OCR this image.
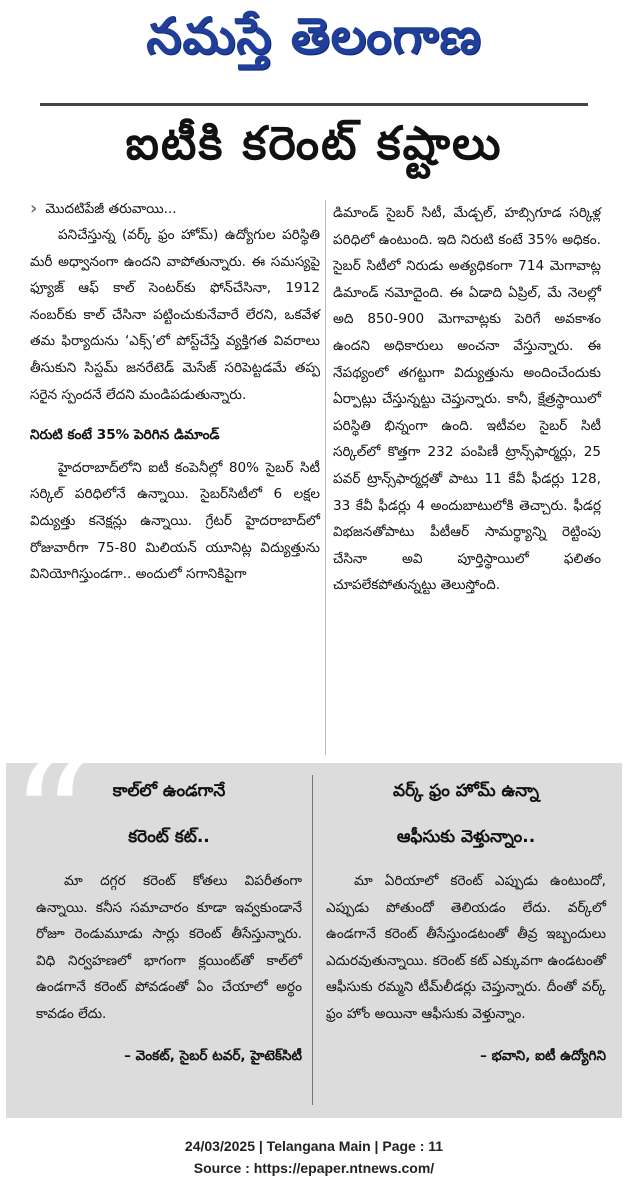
నమస్తే తెలంగాణ
ఐటీకి కరెంట్ కష్టాలు
› మొదటిపేజీ తరువాయి...

పనిచేస్తున్న (వర్క్ ఫ్రం హోమ్) ఉద్యోగుల పరిస్థితి మరీ అధ్వానంగా ఉందని వాపోతున్నారు. ఈ సమస్యపై ఫ్యూజ్ ఆఫ్ కాల్ సెంటర్‌కు ఫోన్‌చేసినా, 1912 నంబర్‌కు కాల్ చేసినా పట్టించుకునేవారే లేరని, ఒకవేళ తమ ఫిర్యాదును ‘ఎక్స్’లో పోస్ట్‌చేస్తే వ్యక్తిగత వివరాలు తీసుకుని సిస్టమ్ జనరేటెడ్ మెసేజ్ సరిపెట్టడమే తప్ప సరైన స్పందనే లేదని మండిపడుతున్నారు.

నిరుటి కంటే 35% పెరిగిన డిమాండ్

హైదరాబాద్‌లోని ఐటీ కంపెనీల్లో 80% సైబర్ సిటీ సర్కిల్ పరిధిలోనే ఉన్నాయి. సైబర్‌సిటీలో 6 లక్షల విద్యుత్తు కనెక్షన్లు ఉన్నాయి. గ్రేటర్ హైదరాబాద్‌లో రోజువారీగా 75-80 మిలియన్ యూనిట్ల విద్యుత్తును వినియోగిస్తుండగా.. అందులో సగానికిపైగా

డిమాండ్ సైబర్ సిటీ, మేడ్చల్, హబ్సిగూడ సర్కిళ్ల పరిధిలో ఉంటుంది. ఇది నిరుటి కంటే 35% అధికం. సైబర్ సిటీలో నిరుడు అత్యధికంగా 714 మెగావాట్ల డిమాండ్ నమోదైంది. ఈ ఏడాది ఏప్రిల్, మే నెలల్లో అది 850-900 మెగావాట్లకు పెరిగే అవకాశం ఉందని అధికారులు అంచనా వేస్తున్నారు. ఈ నేపథ్యంలో తగట్టుగా విద్యుత్తును అందించేందుకు ఏర్పాట్లు చేస్తున్నట్టు చెప్తున్నారు. కానీ, క్షేత్రస్థాయిలో పరిస్థితి భిన్నంగా ఉంది. ఇటీవల సైబర్ సిటీ సర్కిల్‌లో కొత్తగా 232 పంపిణీ ట్రాన్స్‌ఫార్మర్లు, 25 పవర్ ట్రాన్స్‌ఫార్మర్లతో పాటు 11 కేవీ ఫీడర్లు 128, 33 కేవీ ఫీడర్లు 4 అందుబాటులోకి తెచ్చారు. ఫీడర్ల విభజనతోపాటు పీటీఆర్ సామర్థ్యాన్ని రెట్టింపు చేసినా అవి పూర్తిస్థాయిలో ఫలితం చూపలేకపోతున్నట్టు తెలుస్తోంది.

“	కాల్‌లో ఉండగానే
కరెంట్ కట్..

మా దగ్గర కరెంట్ కోతలు విపరీతంగా ఉన్నాయి. కనీస సమాచారం కూడా ఇవ్వకుండానే రోజూ రెండుమూడు సార్లు కరెంట్ తీసేస్తున్నారు. విధి నిర్వహణలో భాగంగా క్లయింట్‌తో కాల్‌లో ఉండగానే కరెంట్ పోవడంతో ఏం చేయాలో అర్థం కావడం లేదు.

– వెంకట్, సైబర్ టవర్, హైటెక్‌సిటీ

వర్క్ ఫ్రం హోమ్ ఉన్నా
ఆఫీసుకు వెళ్తున్నాం..

మా ఏరియాలో కరెంట్ ఎప్పుడు ఉంటుందో, ఎప్పుడు పోతుందో తెలియడం లేదు. వర్క్‌లో ఉండగానే కరెంట్ తీసేస్తుండటంతో తీవ్ర ఇబ్బందులు ఎదురవుతున్నాయి. కరెంట్ కట్ ఎక్కువగా ఉండటంతో ఆఫీసుకు రమ్మని టీమ్‌లీడర్లు చెప్తున్నారు. దీంతో వర్క్ ఫ్రం హోం అయినా ఆఫీసుకు వెళ్తున్నాం.

– భవాని, ఐటీ ఉద్యోగిని

24/03/2025 | Telangana Main | Page : 11
Source : https://epaper.ntnews.com/
